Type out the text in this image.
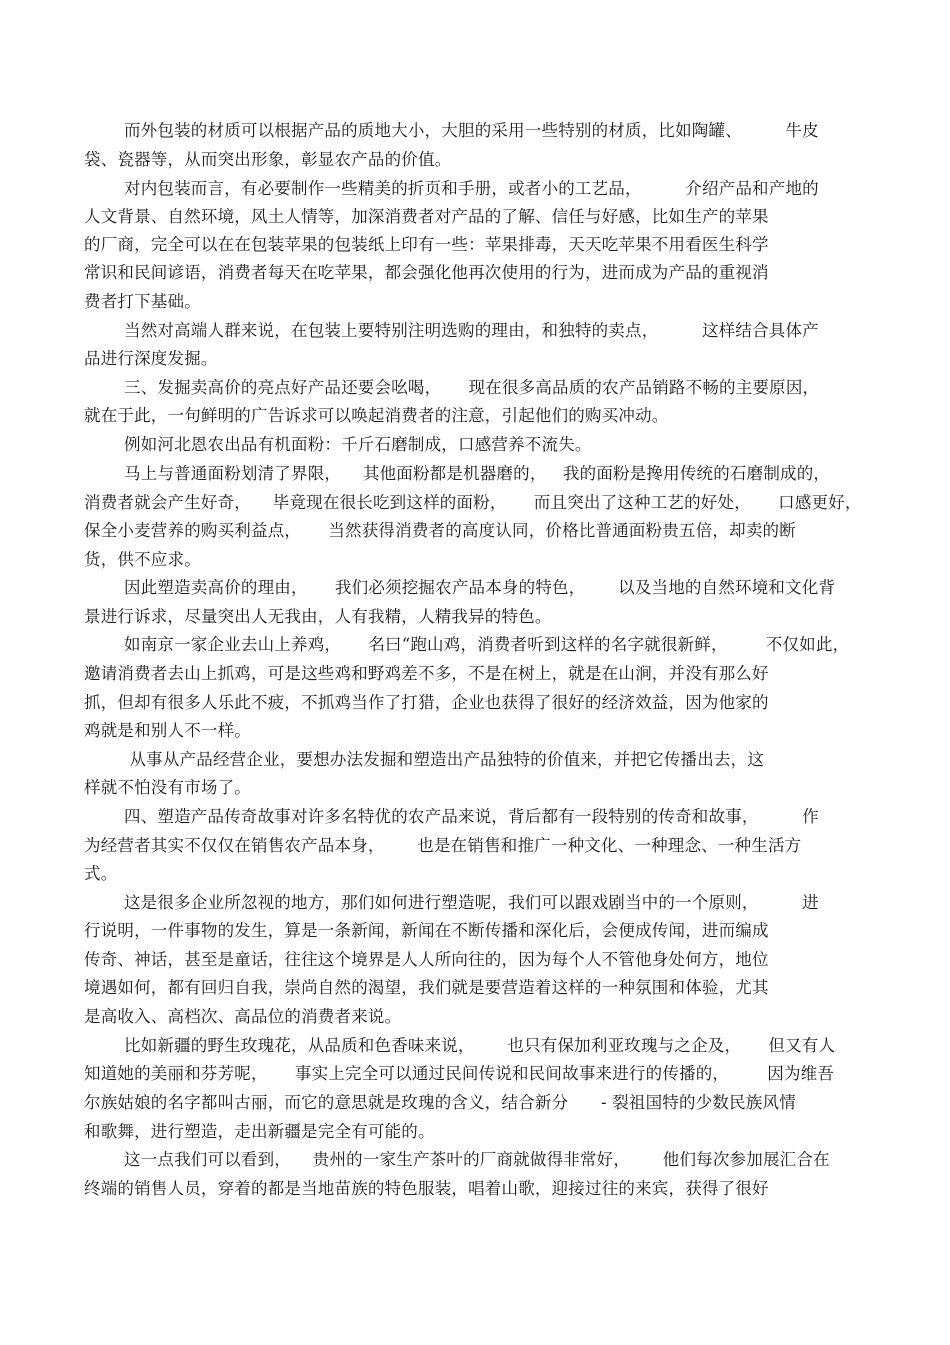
而外包装的材质可以根据产品的质地大小，大胆的采用一些特别的材质，比如陶罐、        牛皮

袋、瓷器等，从而突出形象，彰显农产品的价值。

对内包装而言，有必要制作一些精美的折页和手册，或者小的工艺品，        介绍产品和产地的

人文背景、自然环境，风土人情等，加深消费者对产品的了解、信任与好感，比如生产的苹果

的厂商，完全可以在在包装苹果的包装纸上印有一些：苹果排毒，天天吃苹果不用看医生科学

常识和民间谚语，消费者每天在吃苹果，都会强化他再次使用的行为，进而成为产品的重视消

费者打下基础。

当然对高端人群来说，在包装上要特别注明选购的理由，和独特的卖点，        这样结合具体产

品进行深度发掘。

三、发掘卖高价的亮点好产品还要会吆喝，     现在很多高品质的农产品销路不畅的主要原因，

就在于此，一句鲜明的广告诉求可以唤起消费者的注意，引起他们的购买冲动。

例如河北恩农出品有机面粉：千斤石磨制成，口感营养不流失。

马上与普通面粉划清了界限，    其他面粉都是机器磨的，   我的面粉是搀用传统的石磨制成的，

消费者就会产生好奇，    毕竟现在很长吃到这样的面粉，     而且突出了这种工艺的好处，     口感更好，

保全小麦营养的购买利益点，     当然获得消费者的高度认同，价格比普通面粉贵五倍，却卖的断

货，供不应求。

因此塑造卖高价的理由，     我们必须挖掘农产品本身的特色，      以及当地的自然环境和文化背

景进行诉求，尽量突出人无我由，人有我精，人精我异的特色。

如南京一家企业去山上养鸡，     名曰“跑山鸡，消费者听到这样的名字就很新鲜，       不仅如此，

邀请消费者去山上抓鸡，可是这些鸡和野鸡差不多，不是在树上，就是在山涧，并没有那么好

抓，但却有很多人乐此不疲，不抓鸡当作了打猎，企业也获得了很好的经济效益，因为他家的

鸡就是和别人不一样。

从事从产品经营企业，要想办法发掘和塑造出产品独特的价值来，并把它传播出去，这

样就不怕没有市场了。

四、塑造产品传奇故事对许多名特优的农产品来说，背后都有一段特别的传奇和故事，        作

为经营者其实不仅仅在销售农产品本身，      也是在销售和推广一种文化、一种理念、一种生活方

式。

这是很多企业所忽视的地方，那们如何进行塑造呢，我们可以跟戏剧当中的一个原则，        进

行说明，一件事物的发生，算是一条新闻，新闻在不断传播和深化后，会便成传闻，进而编成

传奇、神话，甚至是童话，往往这个境界是人人所向往的，因为每个人不管他身处何方，地位

境遇如何，都有回归自我，崇尚自然的渴望，我们就是要营造着这样的一种氛围和体验，尤其

是高收入、高档次、高品位的消费者来说。

比如新疆的野生玫瑰花，从品质和色香味来说，      也只有保加利亚玫瑰与之企及，     但又有人

知道她的美丽和芬芳呢，     事实上完全可以通过民间传说和民间故事来进行的传播的，       因为维吾

尔族姑娘的名字都叫古丽，而它的意思就是玫瑰的含义，结合新分      - 裂祖国特的少数民族风情

和歌舞，进行塑造，走出新疆是完全有可能的。

这一点我们可以看到，    贵州的一家生产茶叶的厂商就做得非常好，      他们每次参加展汇合在

终端的销售人员，穿着的都是当地苗族的特色服装，唱着山歌，迎接过往的来宾，获得了很好
